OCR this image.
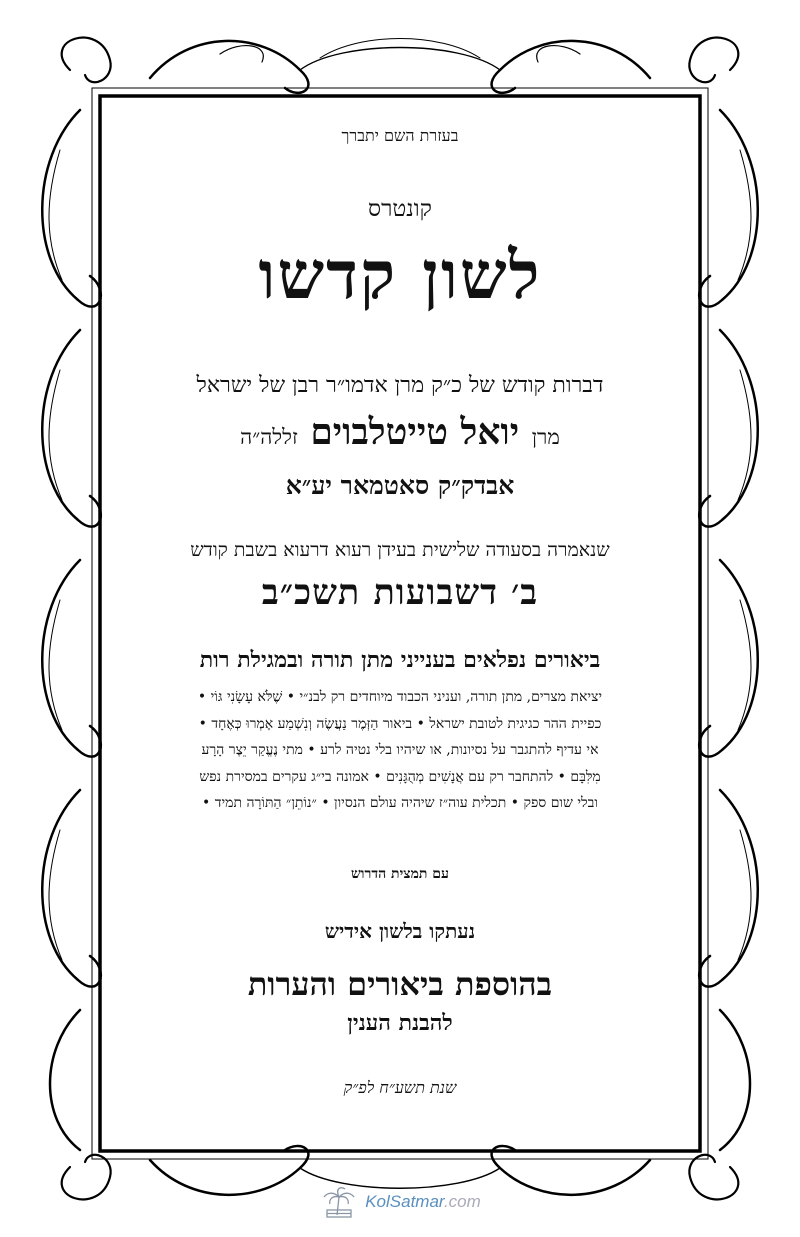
בעזרת השם יתברך
קונטרס
לשון קדשו
דברות קודש של כ״ק מרן אדמו״ר רבן של ישראל
מרן יואל טייטלבוים זללה״ה
אבדק״ק סאטמאר יע״א
שנאמרה בסעודה שלישית בעידן רעוא דרעוא בשבת קודש
ב׳ דשבועות תשכ״ב
ביאורים נפלאים בענייני מתן תורה ובמגילת רות
יציאת מצרים, מתן תורה, ועניני הכבוד מיוחדים רק לבנ״י • שֶׁלֹּא עָשָׂנִי גּוֹי •
כפיית ההר כגיגית לטובת ישראל • ביאור הַזְּמֶר נַעֲשֶׂה וְנִשְׁמַע אָמְרוּ כְּאֶחָד •
אי עדיף להתגבר על נסיונות, או שיהיו בלי נטיה לרע • מתי נֶעֱקַר יֵצֶר הָרָע
מִלִּבָּם • להתחבר רק עם אֲנָשִׁים מְהֻגָּנִים • אמונה בי״ג עקרים במסירת נפש
ובלי שום ספק • תכלית עוה״ז שיהיה עולם הנסיון • ״נוֹתֵן״ הַתּוֹרָה תמיד •
עם תמצית הדרוש
נעתקו בלשון אידיש
בהוספת ביאורים והערות
להבנת הענין
שנת תשע״ח לפ״ק
KolSatmar.com
